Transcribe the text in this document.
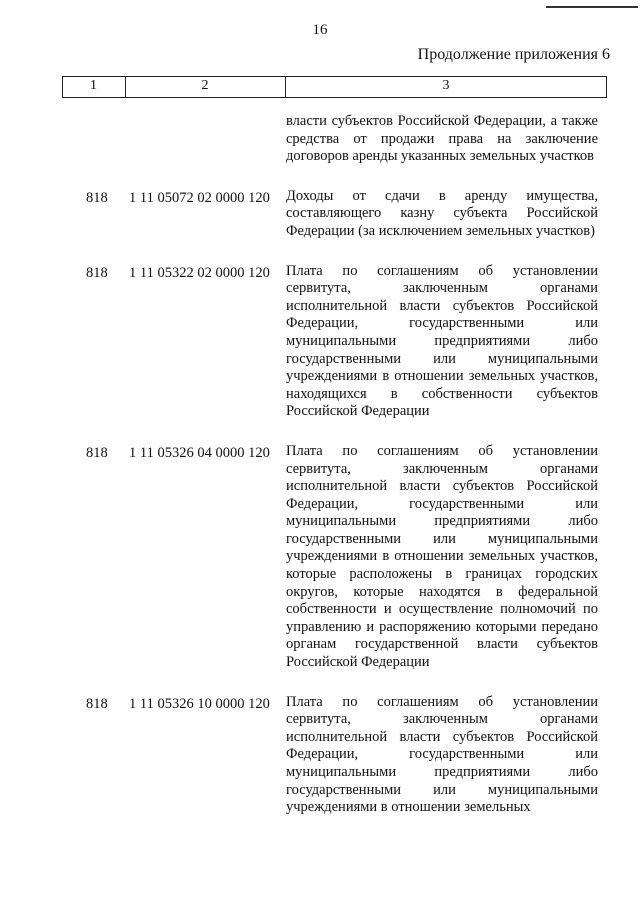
16
Продолжение приложения 6
1	2	3
власти субъектов Российской Федерации, а также средства от продажи права на заключение договоров аренды указанных земельных участков
818 1 11 05072 02 0000 120 Доходы от сдачи в аренду имущества, составляющего казну субъекта Российской Федерации (за исключением земельных участков)
818 1 11 05322 02 0000 120 Плата по соглашениям об установлении сервитута, заключенным органами исполнительной власти субъектов Российской Федерации, государственными или муниципальными предприятиями либо государственными или муниципальными учреждениями в отношении земельных участков, находящихся в собственности субъектов Российской Федерации
818 1 11 05326 04 0000 120 Плата по соглашениям об установлении сервитута, заключенным органами исполнительной власти субъектов Российской Федерации, государственными или муниципальными предприятиями либо государственными или муниципальными учреждениями в отношении земельных участков, которые расположены в границах городских округов, которые находятся в федеральной собственности и осуществление полномочий по управлению и распоряжению которыми передано органам государственной власти субъектов Российской Федерации
818 1 11 05326 10 0000 120 Плата по соглашениям об установлении сервитута, заключенным органами исполнительной власти субъектов Российской Федерации, государственными или муниципальными предприятиями либо государственными или муниципальными учреждениями в отношении земельных
